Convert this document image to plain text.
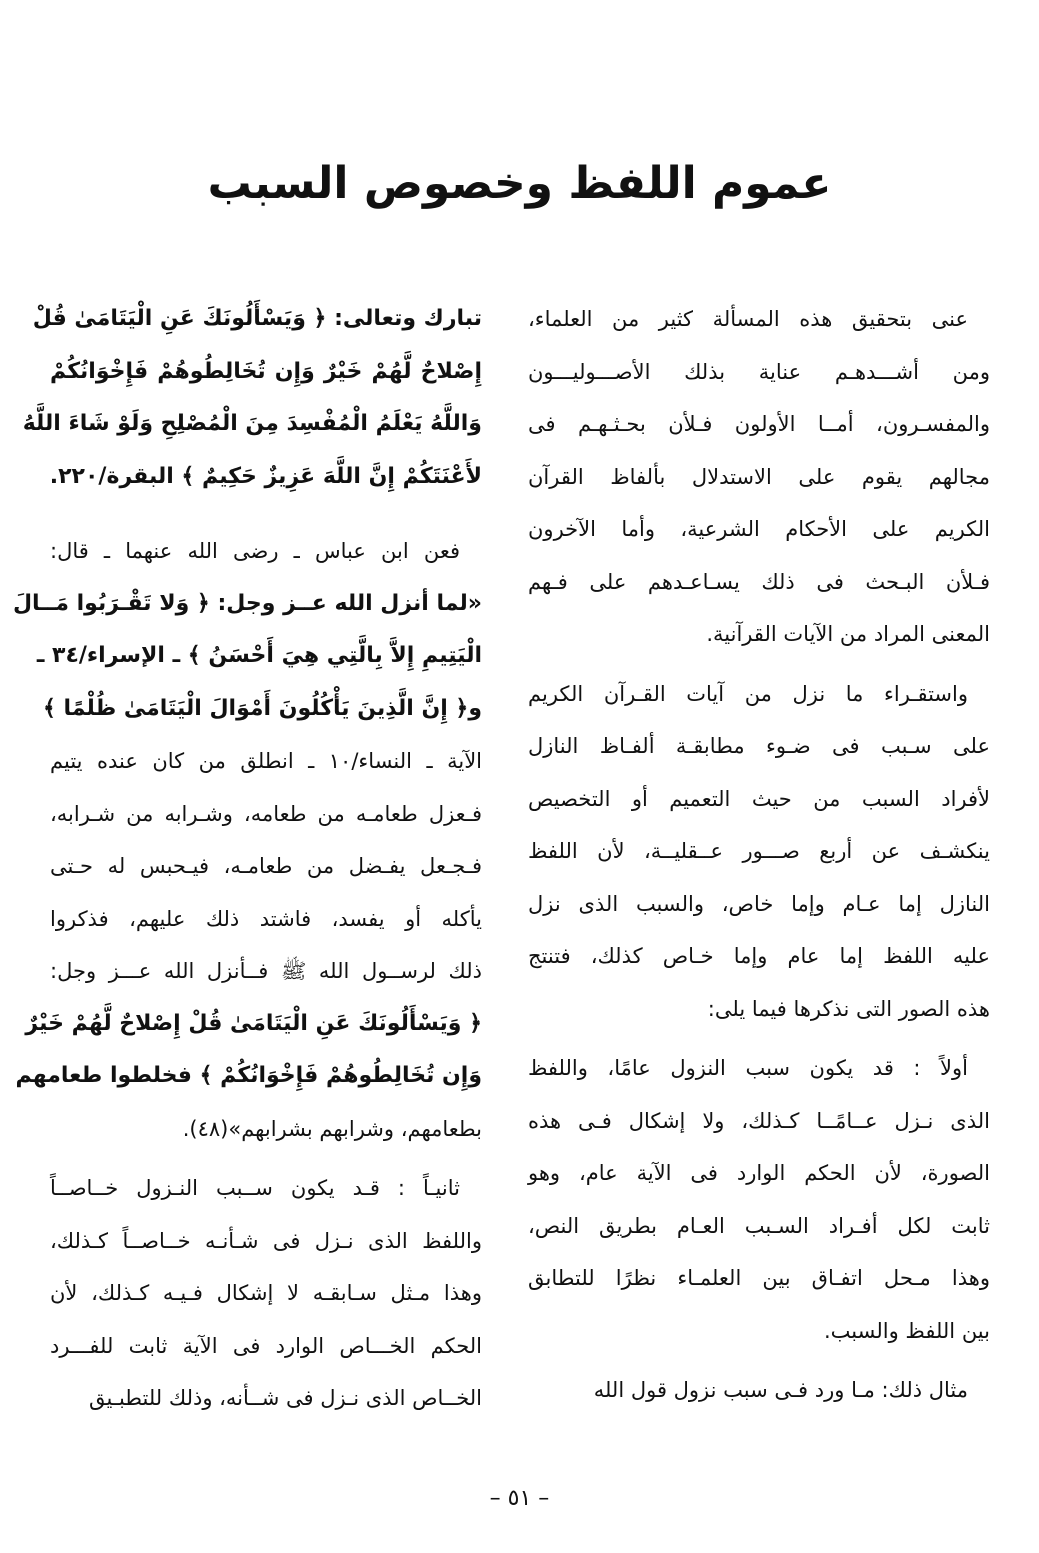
عموم اللفظ وخصوص السبب
عنى بتحقيق هذه المسألة كثير من العلماء،
ومن أشـــدهـم عناية بذلك الأصـــوليـــون
والمفسـرون، أمــا الأولون فـلأن بحـثـهـم فى
مجالهم يقوم على الاستدلال بألفاظ القرآن
الكريم على الأحكام الشرعية، وأما الآخرون
فـلأن البـحث فى ذلك يسـاعـدهم على فـهم
المعنى المراد من الآيات القرآنية.
واستقـراء ما نزل من آيات القـرآن الكريم
على سـبب فى ضـوء مطابقـة ألفـاظ النازل
لأفراد السبب من حيث التعميم أو التخصيص
ينكشـف عن أربع صـــور عــقليــة، لأن اللفظ
النازل إما عـام وإما خاص، والسبب الذى نزل
عليه اللفظ إما عام وإما خـاص كذلك، فتنتج
هذه الصور التى نذكرها فيما يلى:
أولاً : قد يكون سبب النزول عامًا، واللفظ
الذى نـزل عــامًــا كـذلك، ولا إشكال فـى هذه
الصورة، لأن الحكم الوارد فى الآية عام، وهو
ثابت لكل أفـراد السـبب العـام بطريق النص،
وهذا مـحل اتفـاق بين العلمـاء نظرًا للتطابق
بين اللفظ والسبب.
مثال ذلك: مـا ورد فـى سبب نزول قول الله
تبارك وتعالى: ﴿ وَيَسْأَلُونَكَ عَنِ الْيَتَامَىٰ قُلْ
إِصْلاحٌ لَّهُمْ خَيْرٌ وَإِن تُخَالِطُوهُمْ فَإِخْوَانُكُمْ
وَاللَّهُ يَعْلَمُ الْمُفْسِدَ مِنَ الْمُصْلِحِ وَلَوْ شَاءَ اللَّهُ
لأَعْنَتَكُمْ إِنَّ اللَّهَ عَزِيزٌ حَكِيمٌ ﴾ البقرة/٢٢٠.
فعن ابن عباس ـ رضى الله عنهما ـ قال:
«لما أنزل الله عــز وجل: ﴿ وَلا تَقْـرَبُوا مَــالَ
الْيَتِيمِ إِلاَّ بِالَّتِي هِيَ أَحْسَنُ ﴾ ـ الإسراء/٣٤ ـ
و﴿ إِنَّ الَّذِينَ يَأْكُلُونَ أَمْوَالَ الْيَتَامَىٰ ظُلْمًا ﴾
الآية ـ النساء/١٠ ـ انطلق من كان عنده يتيم
فـعزل طعامـه من طعامه، وشـرابه من شـرابه،
فـجـعل يفـضل من طعامـه، فيـحبس له حـتى
يأكله أو يفسد، فاشتد ذلك عليهم، فذكروا
ذلك لرســول الله ﷺ فــأنزل الله عـــز وجل:
﴿ وَيَسْأَلُونَكَ عَنِ الْيَتَامَىٰ قُلْ إِصْلاحٌ لَّهُمْ خَيْرٌ
وَإِن تُخَالِطُوهُمْ فَإِخْوَانُكُمْ ﴾ فخلطوا طعامهم
بطعامهم، وشرابهم بشرابهم»(٤٨).
ثانيـاً : قـد يكون ســبب النـزول خــاصــاً
واللفظ الذى نـزل فى شـأنـه خــاصــاً كـذلك،
وهذا مـثل سـابقـه لا إشكال فـيـه كـذلك، لأن
الحكم الخـــاص الوارد فى الآية ثابت للفـــرد
الخــاص الذى نـزل فى شــأنه، وذلك للتطبـيق
– ٥١ –
